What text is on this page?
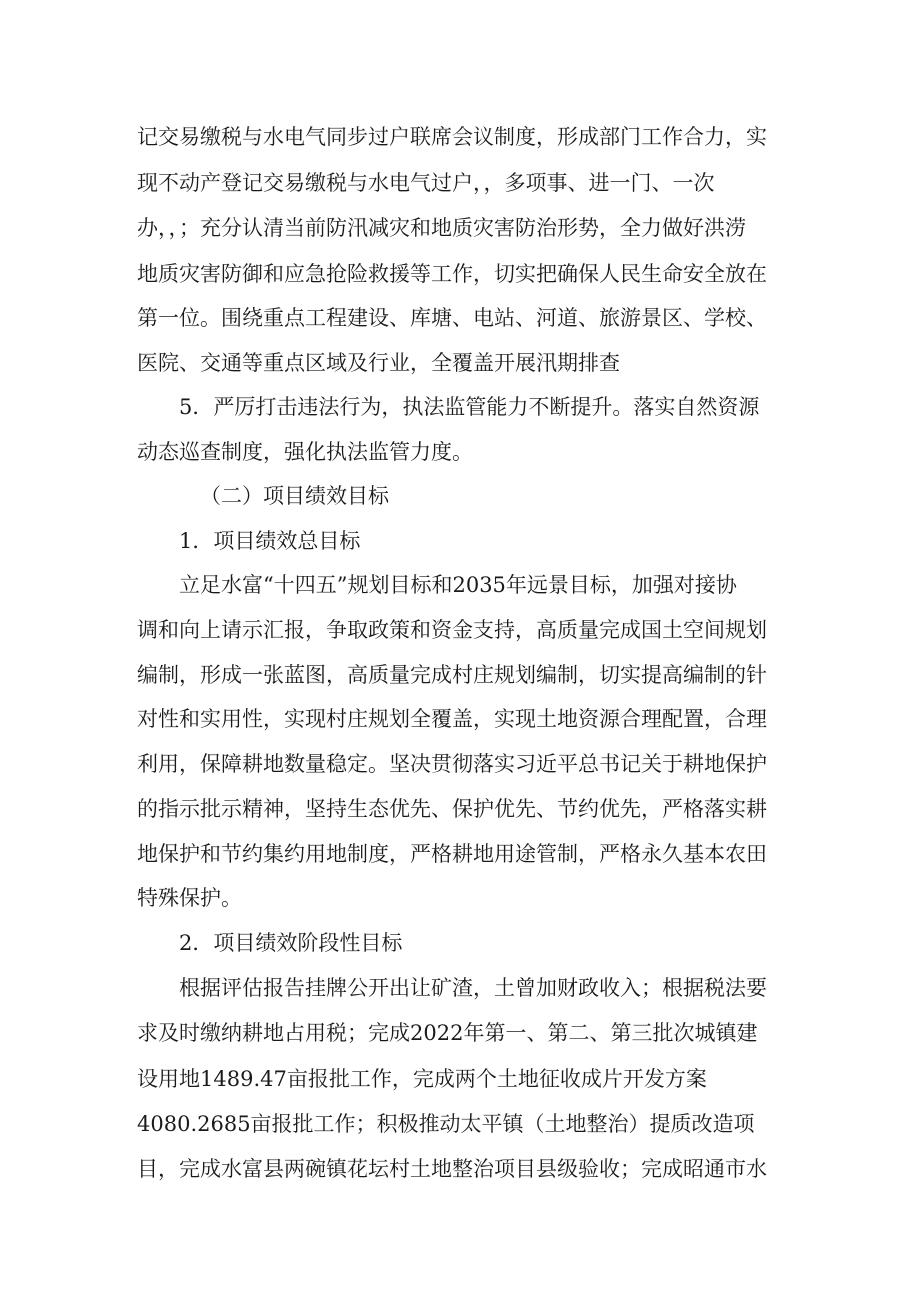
记交易缴税与水电气同步过户联席会议制度，形成部门工作合力，实

现不动产登记交易缴税与水电气过户，，多项事、进一门、一次

办，，；充分认清当前防汛减灾和地质灾害防治形势，全力做好洪涝

地质灾害防御和应急抢险救援等工作，切实把确保人民生命安全放在

第一位。围绕重点工程建设、库塘、电站、河道、旅游景区、学校、

医院、交通等重点区域及行业，全覆盖开展汛期排查

5．严厉打击违法行为，执法监管能力不断提升。落实自然资源

动态巡查制度，强化执法监管力度。

（二）项目绩效目标

1．项目绩效总目标

立足水富“十四五”规划目标和2035年远景目标，加强对接协

调和向上请示汇报，争取政策和资金支持，高质量完成国土空间规划

编制，形成一张蓝图，高质量完成村庄规划编制，切实提高编制的针

对性和实用性，实现村庄规划全覆盖，实现土地资源合理配置，合理

利用，保障耕地数量稳定。坚决贯彻落实习近平总书记关于耕地保护

的指示批示精神，坚持生态优先、保护优先、节约优先，严格落实耕

地保护和节约集约用地制度，严格耕地用途管制，严格永久基本农田

特殊保护。

2．项目绩效阶段性目标

根据评估报告挂牌公开出让矿渣，土曾加财政收入；根据税法要

求及时缴纳耕地占用税；完成2022年第一、第二、第三批次城镇建

设用地1489.47亩报批工作，完成两个土地征收成片开发方案

4080.2685亩报批工作；积极推动太平镇（土地整治）提质改造项

目，完成水富县两碗镇花坛村土地整治项目县级验收；完成昭通市水
